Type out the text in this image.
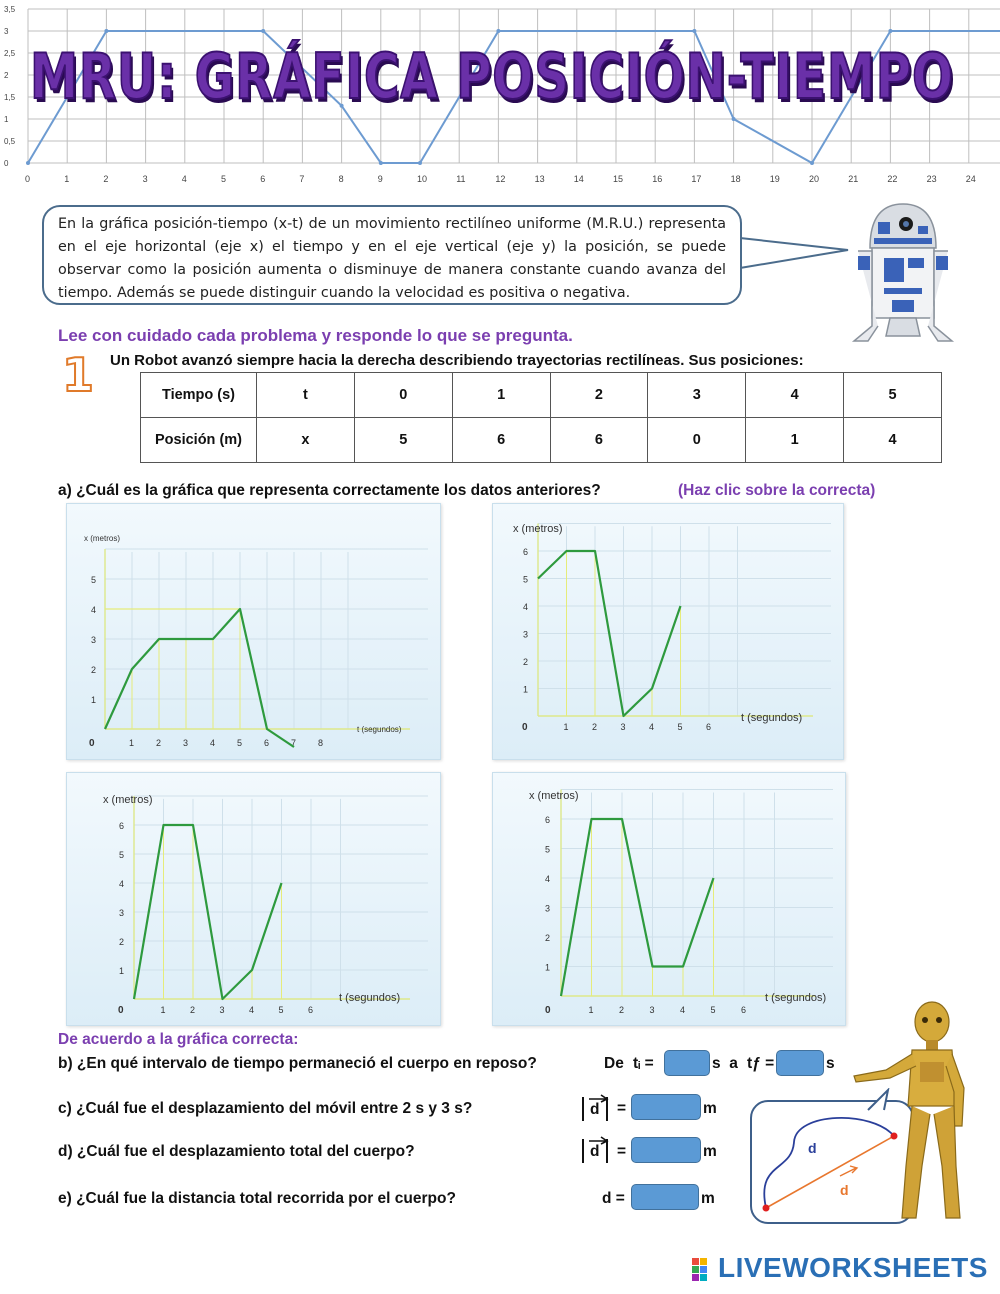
3,5
3
2,5
2
1,5
1
0,5
0
0	1	2	3	4	5	6	7	8	9	10	11	12	13	14	15	16	17	18	19	20	21	22	23	24
MRU: GRÁFICA POSICIÓN-TIEMPO
En la gráfica posición-tiempo (x-t) de un movimiento rectilíneo uniforme (M.R.U.) representa en el eje horizontal (eje x) el tiempo y en el eje vertical (eje y) la posición, se puede observar como la posición aumenta o disminuye de manera constante cuando avanza del tiempo. Además se puede distinguir cuando la velocidad es positiva o negativa.
Lee con cuidado cada problema y responde lo que se pregunta.
1 Un Robot avanzó siempre hacia la derecha describiendo trayectorias rectilíneas. Sus posiciones:
Tiempo (s)	t	0	1	2	3	4	5
Posición (m)	x	5	6	6	0	1	4
a) ¿Cuál es la gráfica que representa correctamente los datos anteriores?	(Haz clic sobre la correcta)
x (metros)
t (segundos)
5
4
3
2
1
0	1 2 3 4 5 6 7 8
x (metros)
t (segundos)
6
5
4
3
2
1
0	1	2	3	4	5	6
x (metros)
t (segundos)
6
5
4
3
2
1
0	1	2	3	4	5	6
x (metros)
t (segundos)
6
5
4
3
2
1
0	1	2	3	4	5	6
De acuerdo a la gráfica correcta:
b) ¿En qué intervalo de tiempo permaneció el cuerpo en reposo?	De tᵢ =	s  a tƒ =	s
c) ¿Cuál fue el desplazamiento del móvil entre 2 s y 3 s?	d =	m
d) ¿Cuál fue el desplazamiento total del cuerpo?	d =	m
e) ¿Cuál fue la distancia total recorrida por el cuerpo?	d =	m
d
d
LIVEWORKSHEETS
